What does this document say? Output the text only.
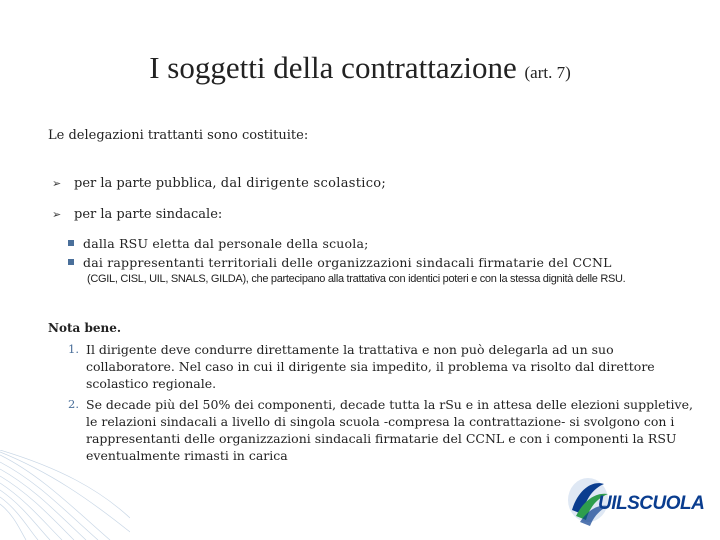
I soggetti della contrattazione (art. 7)
Le delegazioni trattanti sono costituite:
➢ per la parte pubblica, dal dirigente scolastico;
➢ per la parte sindacale:
dalla RSU eletta dal personale della scuola;
dai rappresentanti territoriali delle organizzazioni sindacali firmatarie del CCNL
(CGIL, CISL, UIL, SNALS, GILDA), che partecipano alla trattativa con identici poteri e con la stessa dignità delle RSU.
Nota bene.
1. Il dirigente deve condurre direttamente la trattativa e non può delegarla ad un suo collaboratore. Nel caso in cui il dirigente sia impedito, il problema va risolto dal direttore scolastico regionale.
2. Se decade più del 50% dei componenti, decade tutta la rSu e in attesa delle elezioni suppletive, le relazioni sindacali a livello di singola scuola -compresa la contrattazione- si svolgono con i rappresentanti delle organizzazioni sindacali firmatarie del CCNL e con i componenti la RSU eventualmente rimasti in carica
UILSCUOLA
